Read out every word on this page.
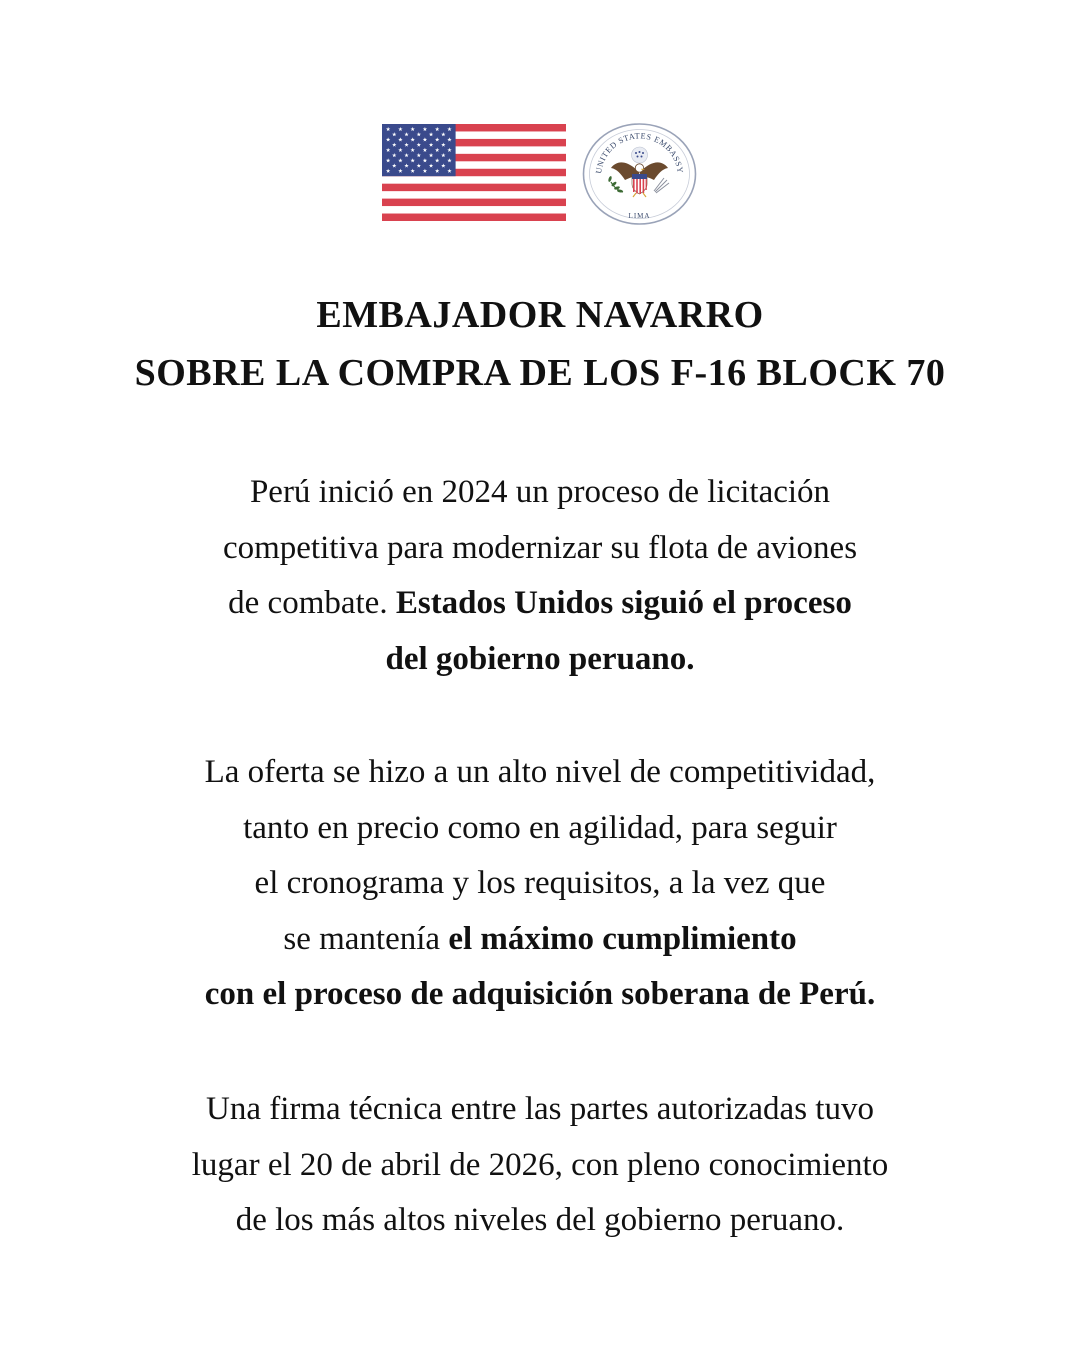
UNITED STATES EMBASSY
LIMA
EMBAJADOR NAVARRO
SOBRE LA COMPRA DE LOS F-16 BLOCK 70
Perú inició en 2024 un proceso de licitación
competitiva para modernizar su flota de aviones
de combate. Estados Unidos siguió el proceso
del gobierno peruano.
La oferta se hizo a un alto nivel de competitividad,
tanto en precio como en agilidad, para seguir
el cronograma y los requisitos, a la vez que
se mantenía el máximo cumplimiento
con el proceso de adquisición soberana de Perú.
Una firma técnica entre las partes autorizadas tuvo
lugar el 20 de abril de 2026, con pleno conocimiento
de los más altos niveles del gobierno peruano.
